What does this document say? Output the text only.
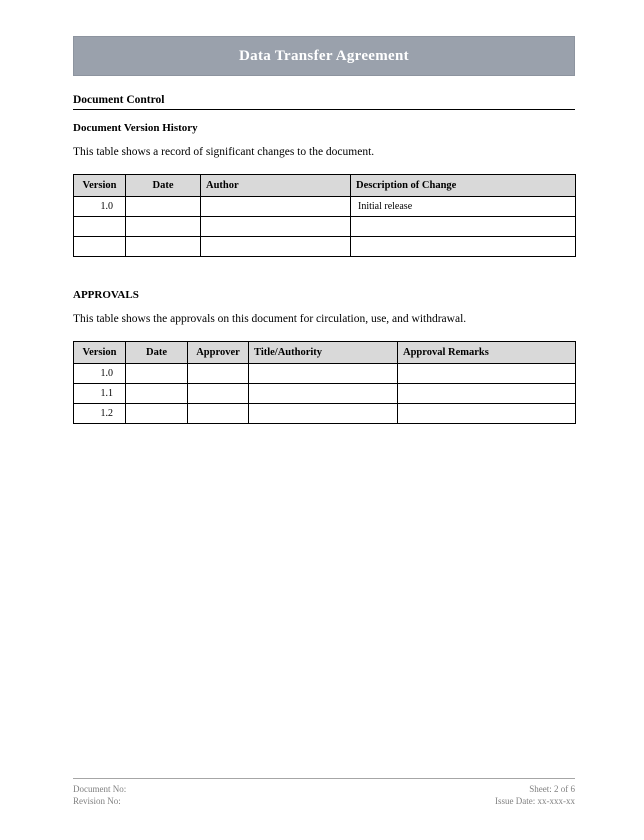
Data Transfer Agreement
Document Control
Document Version History
This table shows a record of significant changes to the document.
Version	Date	Author	Description of Change
1.0			Initial release

APPROVALS
This table shows the approvals on this document for circulation, use, and withdrawal.
Version	Date	Approver	Title/Authority	Approval Remarks
1.0				
1.1				
1.2				
Document No:	Sheet: 2 of 6
Revision No:	Issue Date: xx-xxx-xx
